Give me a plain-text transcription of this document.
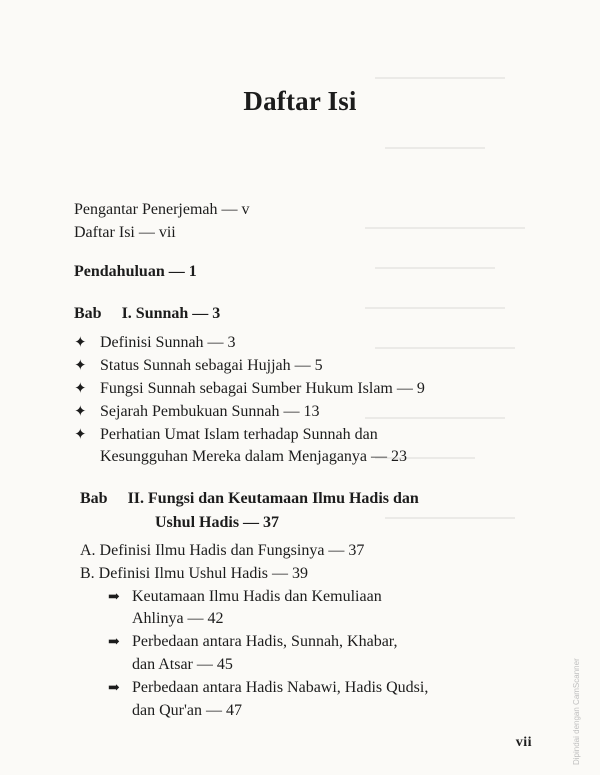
Daftar Isi
Pengantar Penerjemah — v
Daftar Isi — vii
Pendahuluan — 1
Bab I. Sunnah — 3
✦ Definisi Sunnah — 3
✦ Status Sunnah sebagai Hujjah — 5
✦ Fungsi Sunnah sebagai Sumber Hukum Islam — 9
✦ Sejarah Pembukuan Sunnah — 13
✦ Perhatian Umat Islam terhadap Sunnah dan
Kesungguhan Mereka dalam Menjaganya — 23
Bab II. Fungsi dan Keutamaan Ilmu Hadis dan
Ushul Hadis — 37
A. Definisi Ilmu Hadis dan Fungsinya — 37
B. Definisi Ilmu Ushul Hadis — 39
➡ Keutamaan Ilmu Hadis dan Kemuliaan
Ahlinya — 42
➡ Perbedaan antara Hadis, Sunnah, Khabar,
dan Atsar — 45
➡ Perbedaan antara Hadis Nabawi, Hadis Qudsi,
dan Qur'an — 47
vii	Dipindai dengan CamScanner
